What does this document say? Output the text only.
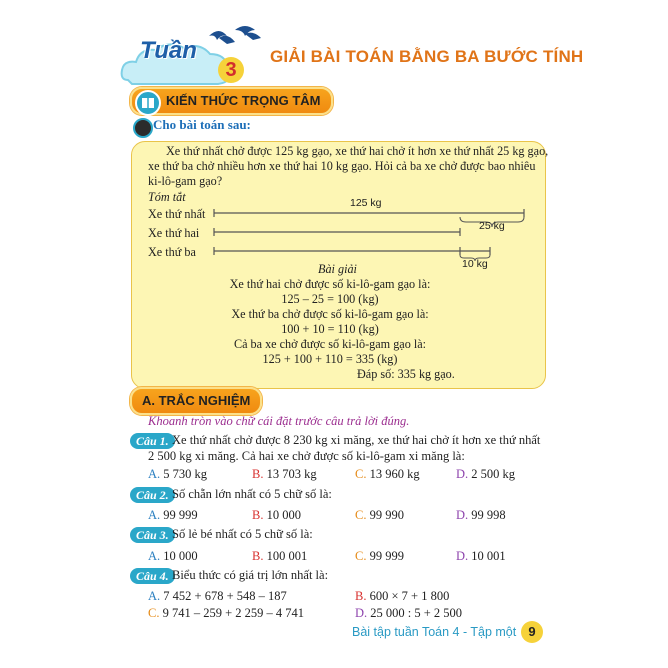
Tuần
3
GIẢI BÀI TOÁN BẰNG BA BƯỚC TÍNH
KIẾN THỨC TRỌNG TÂM
Cho bài toán sau:
Xe thứ nhất chở được 125 kg gạo, xe thứ hai chở ít hơn xe thứ nhất 25 kg gạo,
xe thứ ba chở nhiều hơn xe thứ hai 10 kg gạo. Hỏi cả ba xe chở được bao nhiêu
ki-lô-gam gạo?
Tóm tắt
Xe thứ nhất
Xe thứ hai
Xe thứ ba
125 kg
25 kg
10 kg
Bài giải
Xe thứ hai chở được số ki-lô-gam gạo là:
125 – 25 = 100 (kg)
Xe thứ ba chở được số ki-lô-gam gạo là:
100 + 10 = 110 (kg)
Cả ba xe chở được số ki-lô-gam gạo là:
125 + 100 + 110 = 335 (kg)
Đáp số: 335 kg gạo.
A. TRẮC NGHIỆM
Khoanh tròn vào chữ cái đặt trước câu trả lời đúng.
Câu 1. Xe thứ nhất chở được 8 230 kg xi măng, xe thứ hai chở ít hơn xe thứ nhất
2 500 kg xi măng. Cả hai xe chở được số ki-lô-gam xi măng là:
A. 5 730 kg	B. 13 703 kg	C. 13 960 kg	D. 2 500 kg
Câu 2. Số chẵn lớn nhất có 5 chữ số là:
A. 99 999	B. 10 000	C. 99 990	D. 99 998
Câu 3. Số lẻ bé nhất có 5 chữ số là:
A. 10 000	B. 100 001	C. 99 999	D. 10 001
Câu 4. Biểu thức có giá trị lớn nhất là:
A. 7 452 + 678 + 548 – 187	B. 600 × 7 + 1 800
C. 9 741 – 259 + 2 259 – 4 741	D. 25 000 : 5 + 2 500
Bài tập tuần Toán 4 - Tập một 9
